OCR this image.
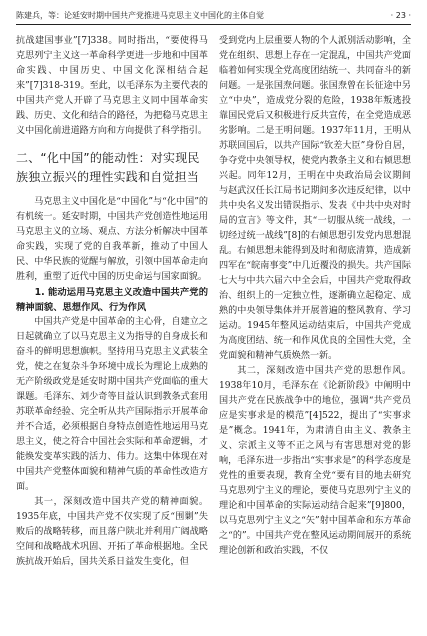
陈建兵，等：论延安时期中国共产党推进马克思主义中国化的主体自觉	· 23 ·

抗战建国事业”[7]338。同时指出，“要使得马克思列宁主义这一革命科学更进一步地和中国革命实践、中国历史、中国文化深相结合起来”[7]318-319。至此，以毛泽东为主要代表的中国共产党人开辟了马克思主义同中国革命实践、历史、文化和结合的路径，为把稳马克思主义中国化前进道路方向和方向提供了科学指引。

二、“化中国”的能动性：对实现民族独立振兴的理性实践和自觉担当

马克思主义中国化是“中国化”与“化中国”的有机统一。延安时期，中国共产党创造性地运用马克思主义的立场、观点、方法分析解决中国革命实践，实现了党的自我革新，推动了中国人民、中华民族的觉醒与解放，引领中国革命走向胜利，重塑了近代中国的历史命运与国家面貌。

1. 能动运用马克思主义改造中国共产党的精神面貌、思想作风、行为作风

中国共产党是中国革命的主心骨，自建立之日起就确立了以马克思主义为指导的自身成长和奋斗的鲜明思想旗帜。坚持用马克思主义武装全党，使之在复杂斗争环境中成长为理论上成熟的无产阶级政党是延安时期中国共产党面临的重大课题。毛泽东、刘少奇等目益认识到教条式套用苏联革命经验、完全听从共产国际指示开展革命并不合适，必须根据自身特点创造性地运用马克思主义，使之符合中国社会实际和革命逻辑，才能焕发变革实践的活力、伟力。这集中体现在对中国共产党整体面貌和精神气质的革命性改造方面。

其一，深刻改造中国共产党的精神面貌。1935年底，中国共产党不仅实现了反“围剿”失败后的战略转移，而且落户陕北并利用广阔战略空间和战略战术巩固、开拓了革命根据地。全民族抗战开始后，国共关系日益发生变化，但

受到党内上层重要人物的个人派别活动影响，全党在组织、思想上存在一定混乱，中国共产党面临着如何实现全党高度团结统一、共同奋斗的新问题。一是张国焘问题。张国焘曾在长征途中另立“中央”，造成党分裂的危险，1938年叛逃投靠国民党后又积极进行反共宣传，在全党造成恶劣影响。二是王明问题。1937年11月，王明从苏联回国后，以共产国际“钦差大臣”身份自居，争夺党中央领导权，使党内教条主义和右倾思想兴起。同年12月，王明在中央政治局会议期间与赵武汉任长江局书记期间多次违反纪律，以中共中央名义发出错误指示、发表《中共中央对时局的宣言》等文件，其“一切服从统一战线，一切经过统一战线”[8]的右倾思想引发党内思想混乱。右倾思想未能得到及时和彻底清算，造成新四军在“皖南事变”中几近覆没的损失。共产国际七大与中共六届六中全会后，中国共产党取得政治、组织上的一定独立性，逐渐确立起稳定、成熟的中央领导集体并开展普遍的整风教育、学习运动。1945年整风运动结束后，中国共产党成为高度团结、统一和作风优良的全国性大党，全党面貌和精神气质焕然一新。

其二，深刻改造中国共产党的思想作风。1938年10月，毛泽东在《论新阶段》中阐明中国共产党在民族战争中的地位，强调“共产党员应是实事求是的模范”[4]522，提出了“实事求是”概念。1941年，为肃清自由主义、教条主义、宗派主义等不正之风与有害思想对党的影响，毛泽东进一步指出“实事求是”的科学态度是党性的重要表现，教育全党“要有目的地去研究马克思列宁主义的理论，要使马克思列宁主义的理论和中国革命的实际运动结合起来”[9]800，以马克思列宁主义之“矢”射中国革命和东方革命之“的”。中国共产党在整风运动期间展开的系统理论创新和政治实践，不仅
